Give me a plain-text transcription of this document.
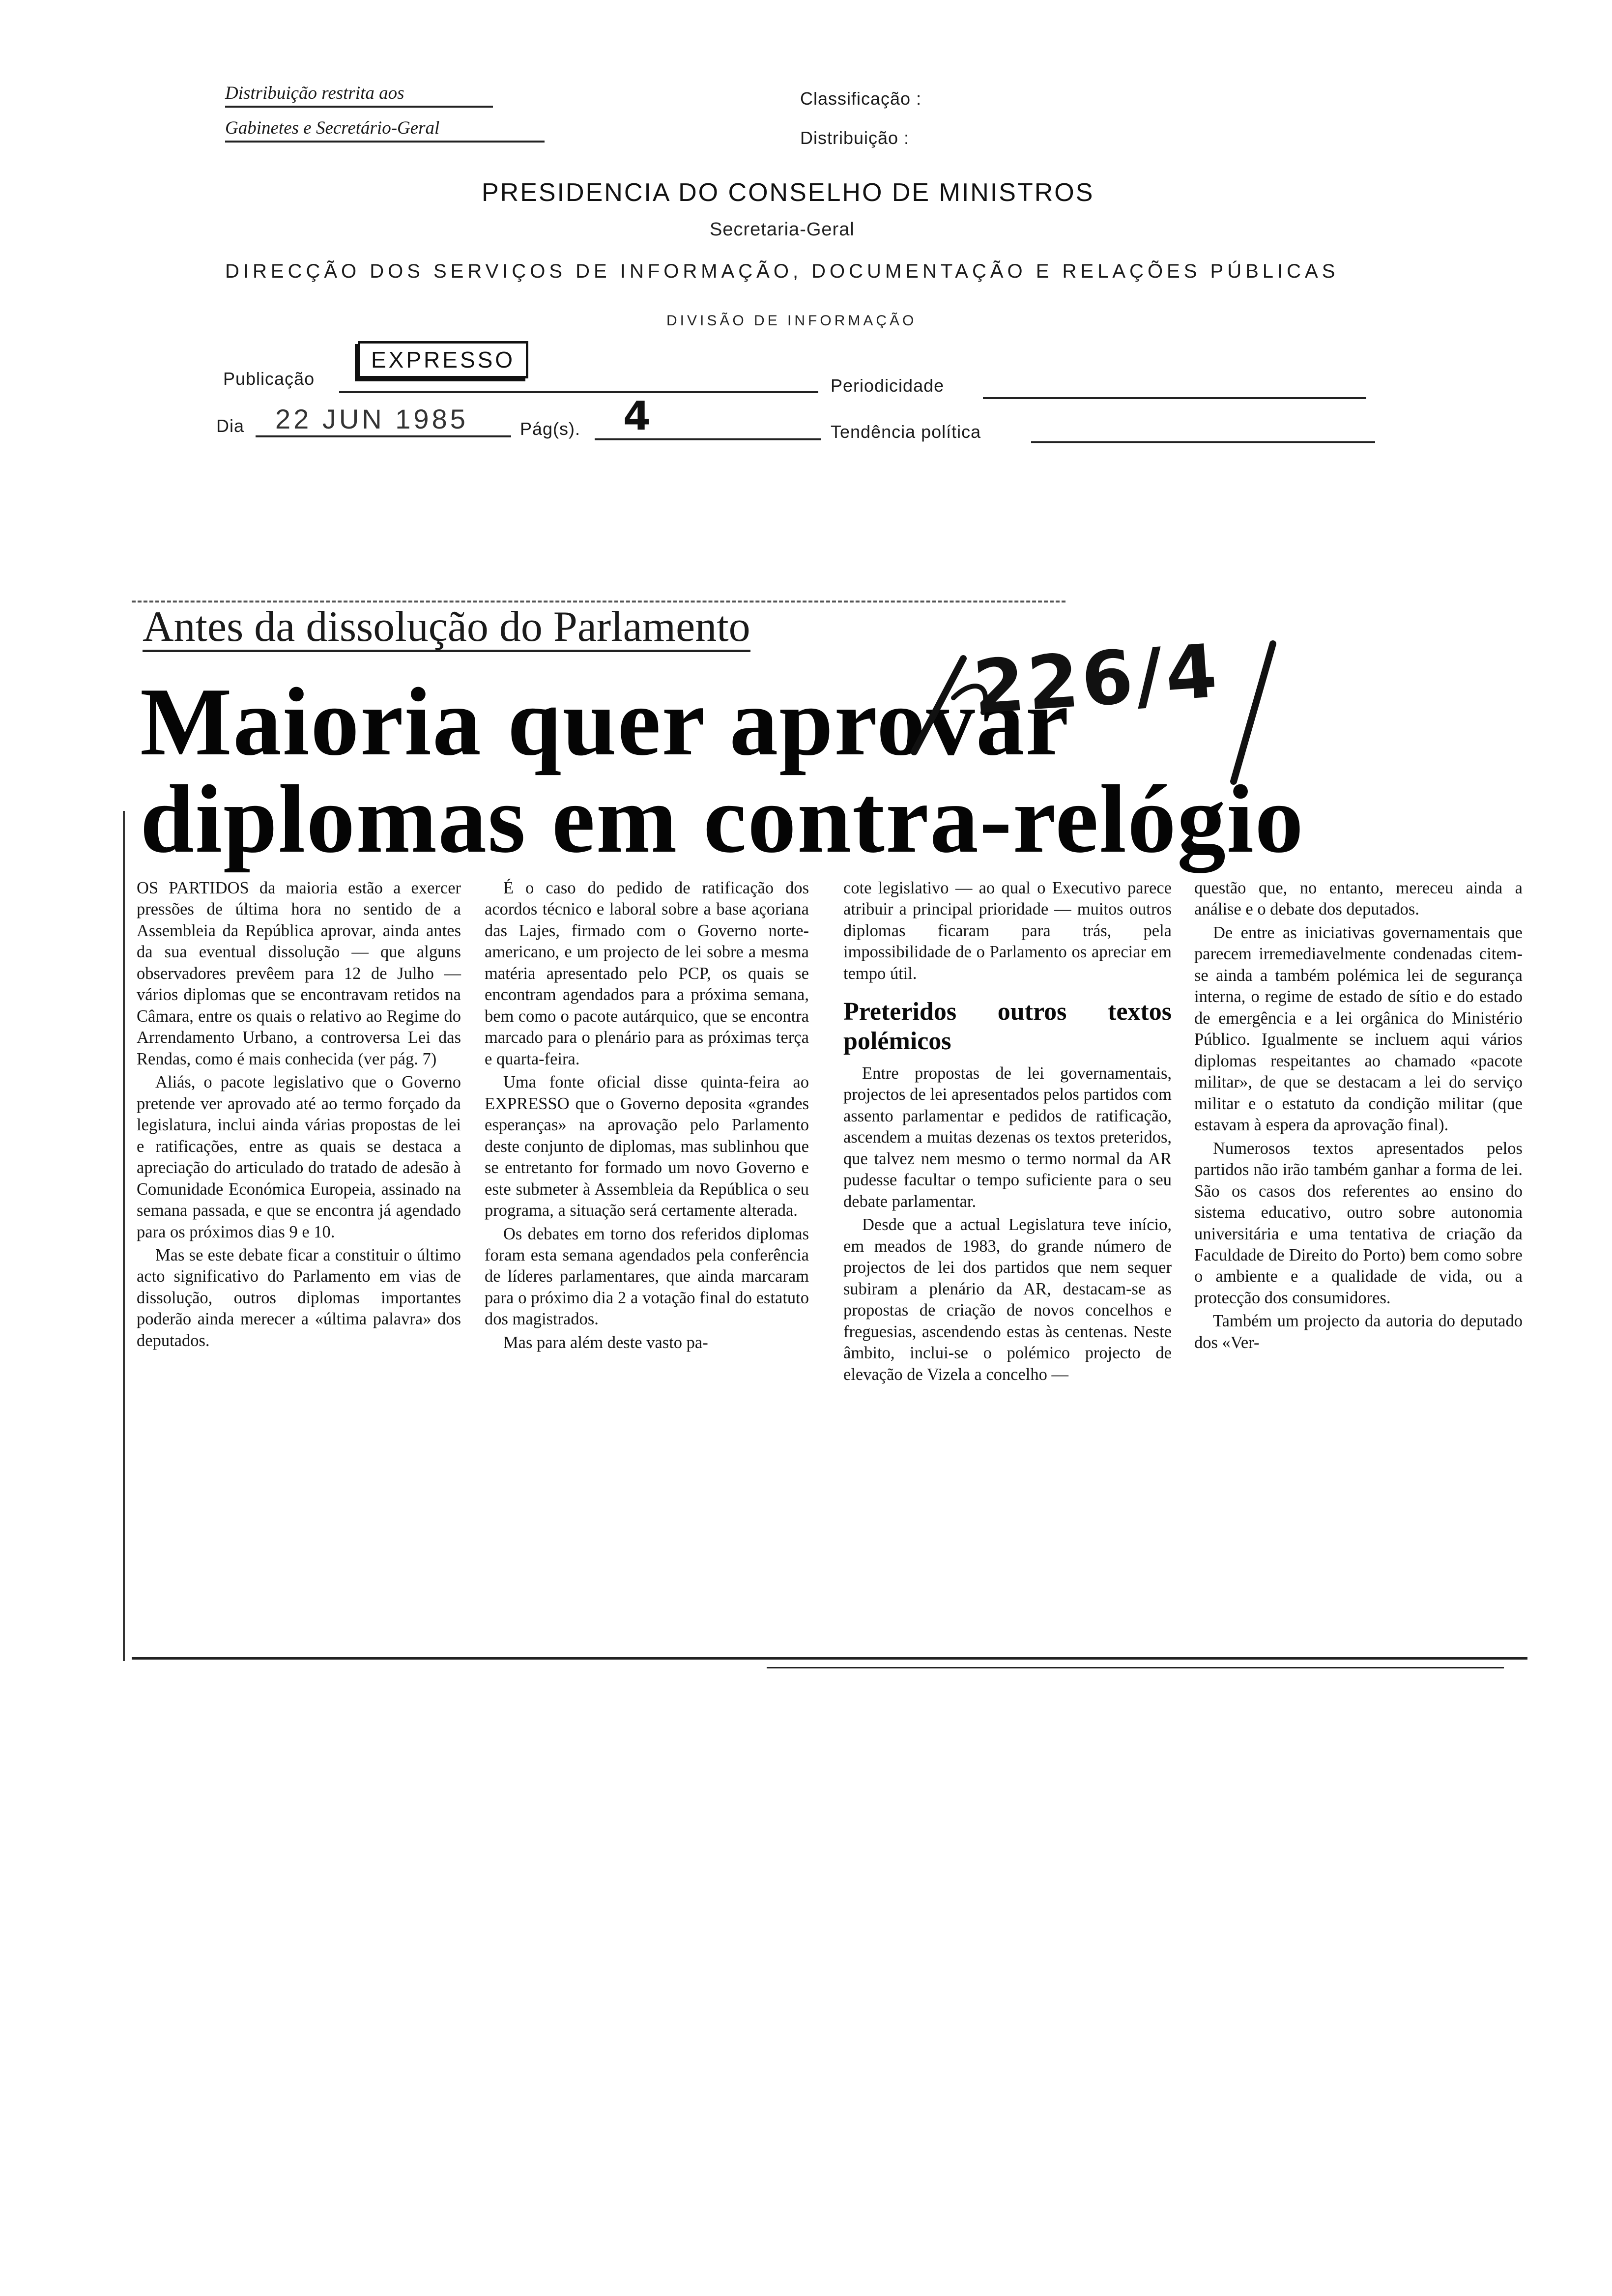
Distribuição restrita aos
Gabinetes e Secretário-Geral
Classificação :
Distribuição :
PRESIDENCIA DO CONSELHO DE MINISTROS
Secretaria-Geral
DIRECÇÃO DOS SERVIÇOS DE INFORMAÇÃO, DOCUMENTAÇÃO E RELAÇÕES PÚBLICAS
DIVISÃO DE INFORMAÇÃO
Publicação
EXPRESSO
Periodicidade
Dia 22 JUN 1985	Pág(s). 4	Tendência política
Antes da dissolução do Parlamento
Maioria quer aprovar
diplomas em contra-relógio
226/4

OS PARTIDOS da maioria estão a exercer pressões de última hora no sentido de a Assembleia da República aprovar, ainda antes da sua eventual dissolução — que alguns observadores prevêem para 12 de Julho — vários diplomas que se encontravam retidos na Câmara, entre os quais o relativo ao Regime do Arrendamento Urbano, a controversa Lei das Rendas, como é mais conhecida (ver pág. 7)

Aliás, o pacote legislativo que o Governo pretende ver aprovado até ao termo forçado da legislatura, inclui ainda várias propostas de lei e ratificações, entre as quais se destaca a apreciação do articulado do tratado de adesão à Comunidade Económica Europeia, assinado na semana passada, e que se encontra já agendado para os próximos dias 9 e 10.

Mas se este debate ficar a constituir o último acto significativo do Parlamento em vias de dissolução, outros diplomas importantes poderão ainda merecer a «última palavra» dos deputados.

É o caso do pedido de ratificação dos acordos técnico e laboral sobre a base açoriana das Lajes, firmado com o Governo norte-americano, e um projecto de lei sobre a mesma matéria apresentado pelo PCP, os quais se encontram agendados para a próxima semana, bem como o pacote autárquico, que se encontra marcado para o plenário para as próximas terça e quarta-feira.

Uma fonte oficial disse quinta-feira ao EXPRESSO que o Governo deposita «grandes esperanças» na aprovação pelo Parlamento deste conjunto de diplomas, mas sublinhou que se entretanto for formado um novo Governo e este submeter à Assembleia da República o seu programa, a situação será certamente alterada.

Os debates em torno dos referidos diplomas foram esta semana agendados pela conferência de líderes parlamentares, que ainda marcaram para o próximo dia 2 a votação final do estatuto dos magistrados.

Mas para além deste vasto pa-

cote legislativo — ao qual o Executivo parece atribuir a principal prioridade — muitos outros diplomas ficaram para trás, pela impossibilidade de o Parlamento os apreciar em tempo útil.

Preteridos outros textos polémicos

Entre propostas de lei governamentais, projectos de lei apresentados pelos partidos com assento parlamentar e pedidos de ratificação, ascendem a muitas dezenas os textos preteridos, que talvez nem mesmo o termo normal da AR pudesse facultar o tempo suficiente para o seu debate parlamentar.

Desde que a actual Legislatura teve início, em meados de 1983, do grande número de projectos de lei dos partidos que nem sequer subiram a plenário da AR, destacam-se as propostas de criação de novos concelhos e freguesias, ascendendo estas às centenas. Neste âmbito, inclui-se o polémico projecto de elevação de Vizela a concelho —

questão que, no entanto, mereceu ainda a análise e o debate dos deputados.

De entre as iniciativas governamentais que parecem irremediavelmente condenadas citem-se ainda a também polémica lei de segurança interna, o regime de estado de sítio e do estado de emergência e a lei orgânica do Ministério Público. Igualmente se incluem aqui vários diplomas respeitantes ao chamado «pacote militar», de que se destacam a lei do serviço militar e o estatuto da condição militar (que estavam à espera da aprovação final).

Numerosos textos apresentados pelos partidos não irão também ganhar a forma de lei. São os casos dos referentes ao ensino do sistema educativo, outro sobre autonomia universitária e uma tentativa de criação da Faculdade de Direito do Porto) bem como sobre o ambiente e a qualidade de vida, ou a protecção dos consumidores.

Também um projecto da autoria do deputado dos «Ver-
